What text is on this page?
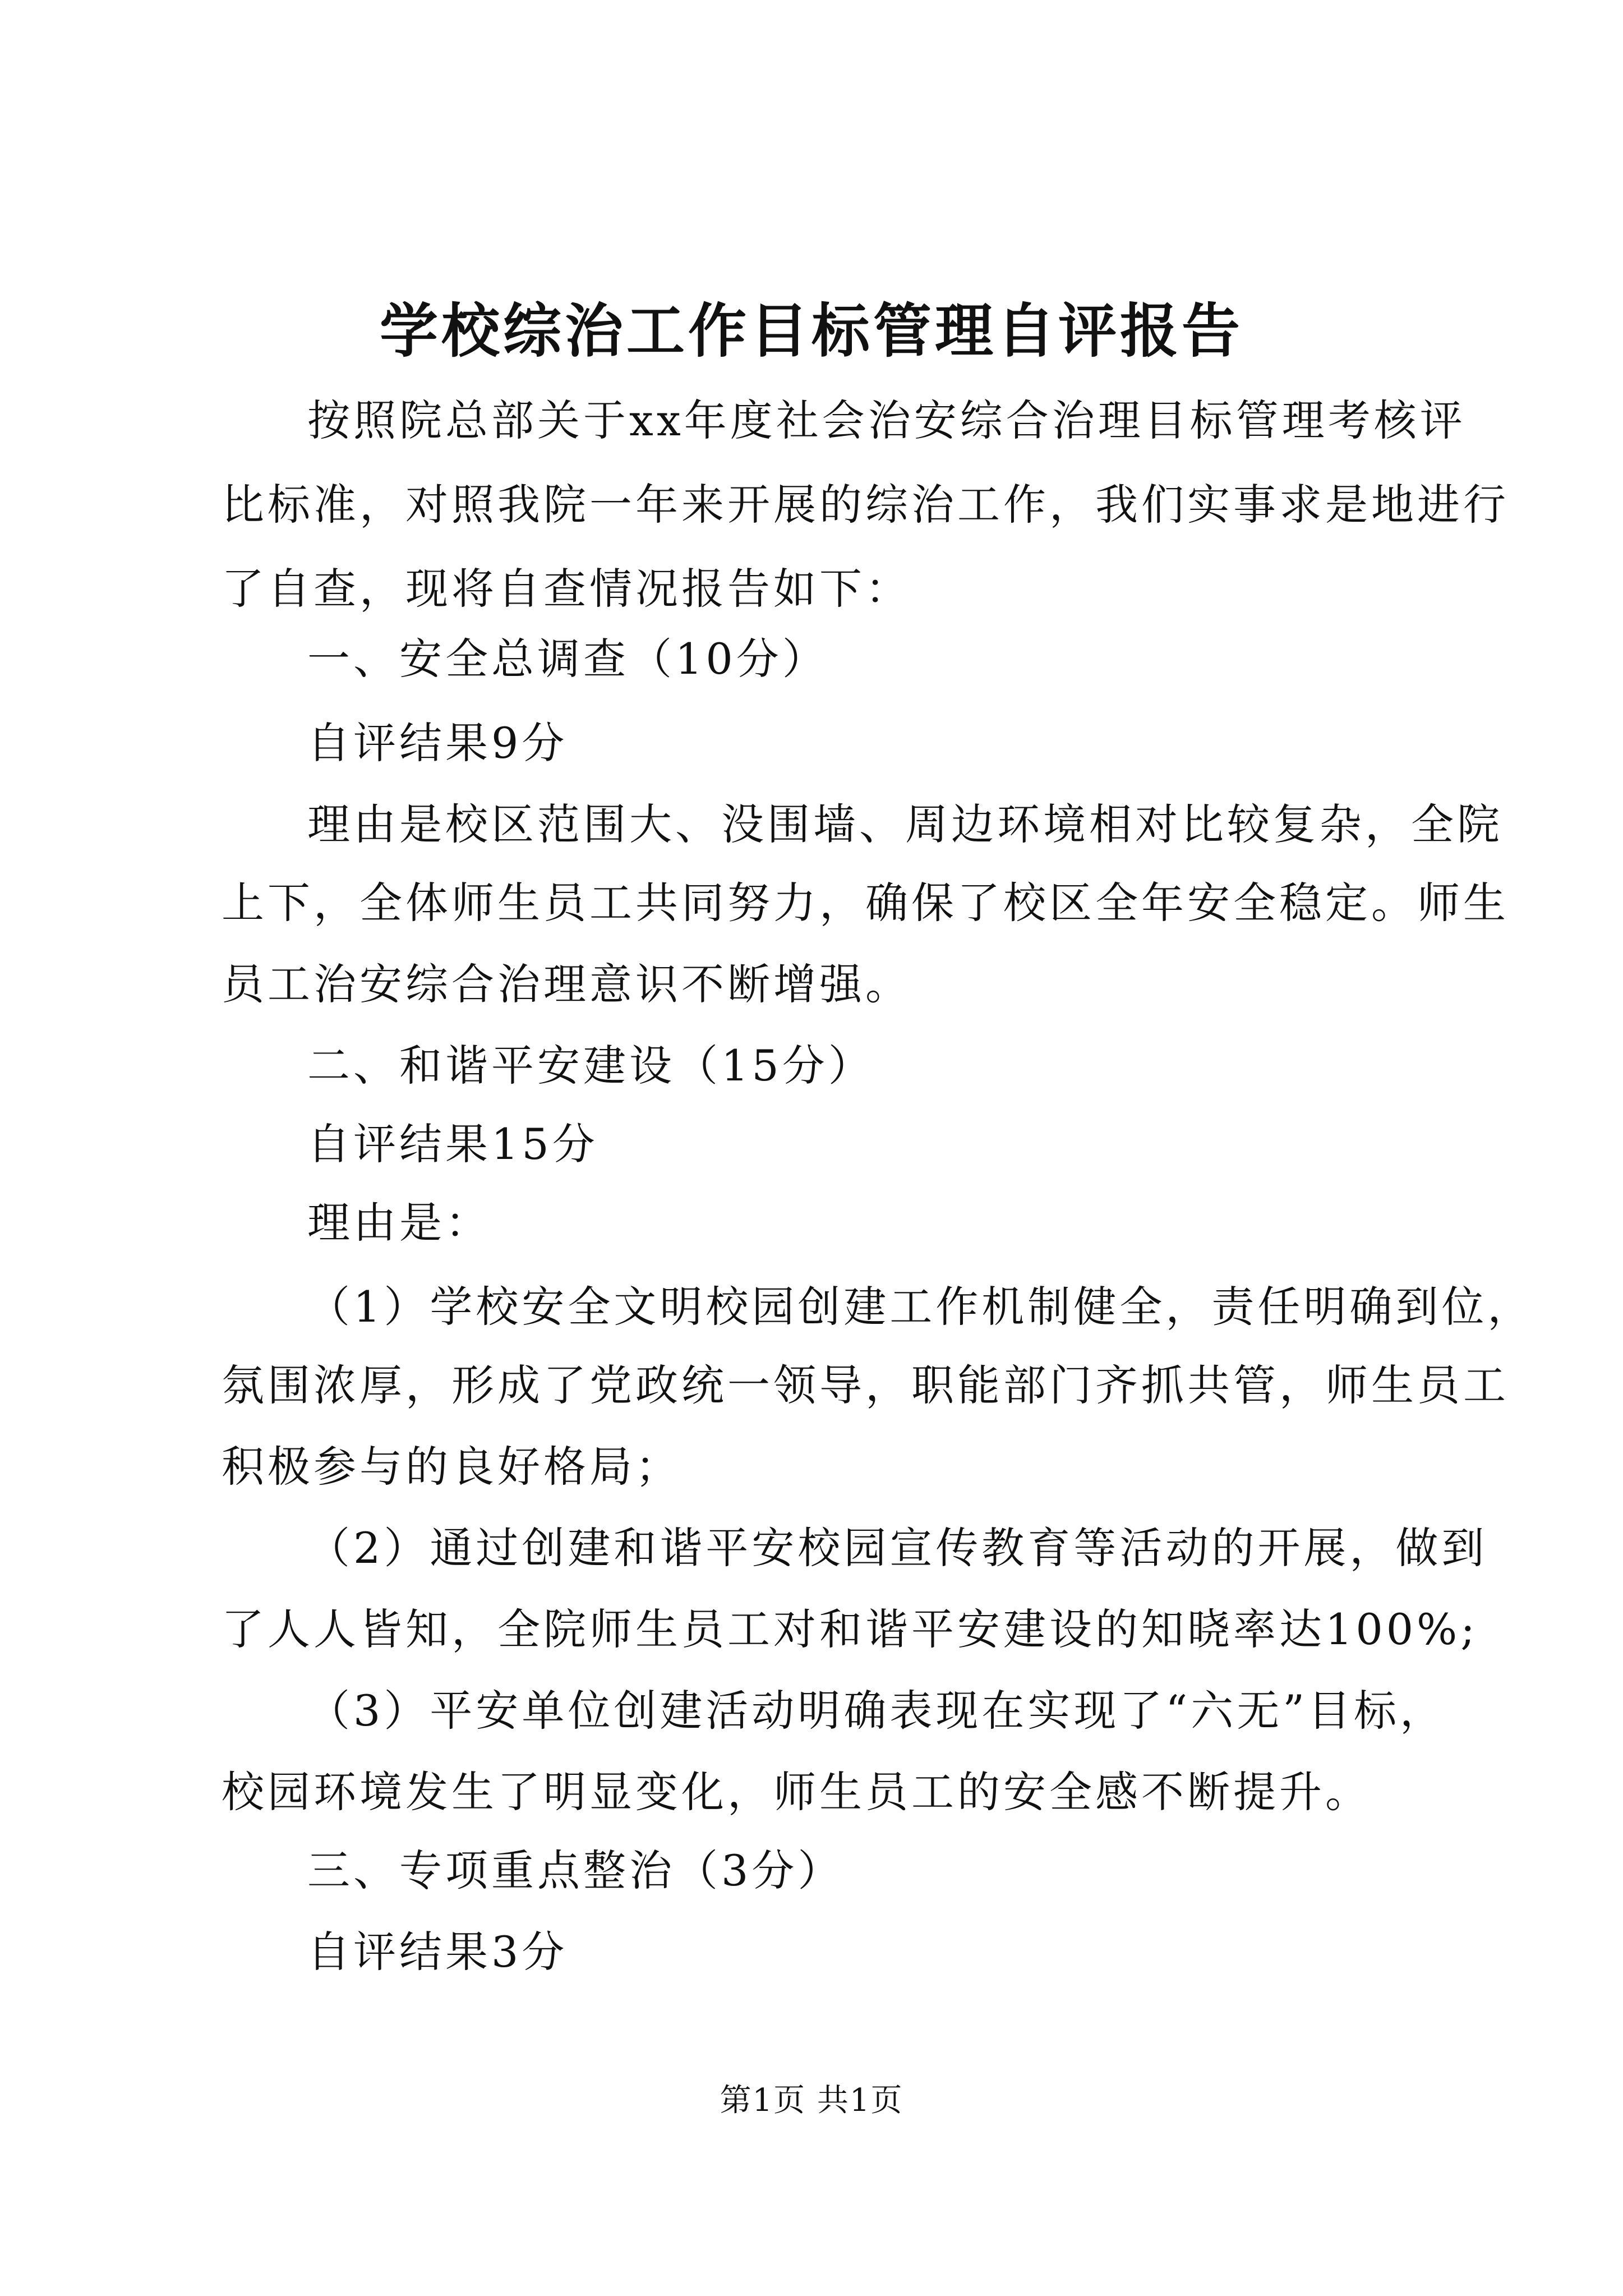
学校综治工作目标管理自评报告

按照院总部关于xx年度社会治安综合治理目标管理考核评

比标准，对照我院一年来开展的综治工作，我们实事求是地进行

了自查，现将自查情况报告如下：

一、安全总调查（10分）

自评结果9分

理由是校区范围大、没围墙、周边环境相对比较复杂，全院

上下，全体师生员工共同努力，确保了校区全年安全稳定。师生

员工治安综合治理意识不断增强。

二、和谐平安建设（15分）

自评结果15分

理由是：

（1）学校安全文明校园创建工作机制健全，责任明确到位，

氛围浓厚，形成了党政统一领导，职能部门齐抓共管，师生员工

积极参与的良好格局；

（2）通过创建和谐平安校园宣传教育等活动的开展，做到

了人人皆知，全院师生员工对和谐平安建设的知晓率达100%;

（3）平安单位创建活动明确表现在实现了“六无”目标，

校园环境发生了明显变化，师生员工的安全感不断提升。

三、专项重点整治（3分）

自评结果3分

第1页 共1页
